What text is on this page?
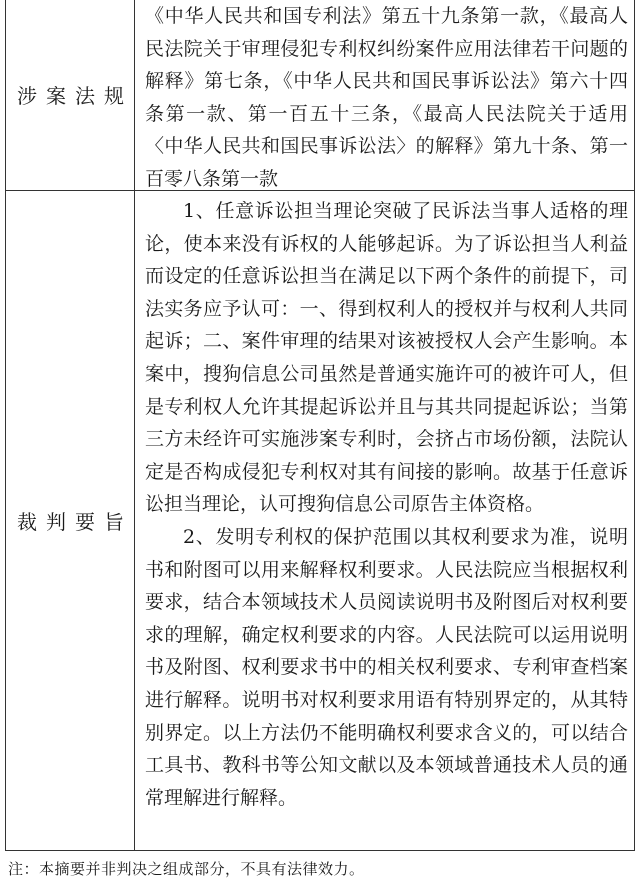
涉案法规
《中华人民共和国专利法》第五十九条第一款，《最高人民法院关于审理侵犯专利权纠纷案件应用法律若干问题的解释》第七条，《中华人民共和国民事诉讼法》第六十四条第一款、第一百五十三条，《最高人民法院关于适用〈中华人民共和国民事诉讼法〉的解释》第九十条、第一百零八条第一款
裁判要旨

1、任意诉讼担当理论突破了民诉法当事人适格的理论，使本来没有诉权的人能够起诉。为了诉讼担当人利益而设定的任意诉讼担当在满足以下两个条件的前提下，司法实务应予认可：一、得到权利人的授权并与权利人共同起诉；二、案件审理的结果对该被授权人会产生影响。本案中，搜狗信息公司虽然是普通实施许可的被许可人，但是专利权人允许其提起诉讼并且与其共同提起诉讼；当第三方未经许可实施涉案专利时，会挤占市场份额，法院认定是否构成侵犯专利权对其有间接的影响。故基于任意诉讼担当理论，认可搜狗信息公司原告主体资格。

2、发明专利权的保护范围以其权利要求为准，说明书和附图可以用来解释权利要求。人民法院应当根据权利要求，结合本领域技术人员阅读说明书及附图后对权利要求的理解，确定权利要求的内容。人民法院可以运用说明书及附图、权利要求书中的相关权利要求、专利审查档案进行解释。说明书对权利要求用语有特别界定的，从其特别界定。以上方法仍不能明确权利要求含义的，可以结合工具书、教科书等公知文献以及本领域普通技术人员的通常理解进行解释。

注：本摘要并非判决之组成部分，不具有法律效力。
